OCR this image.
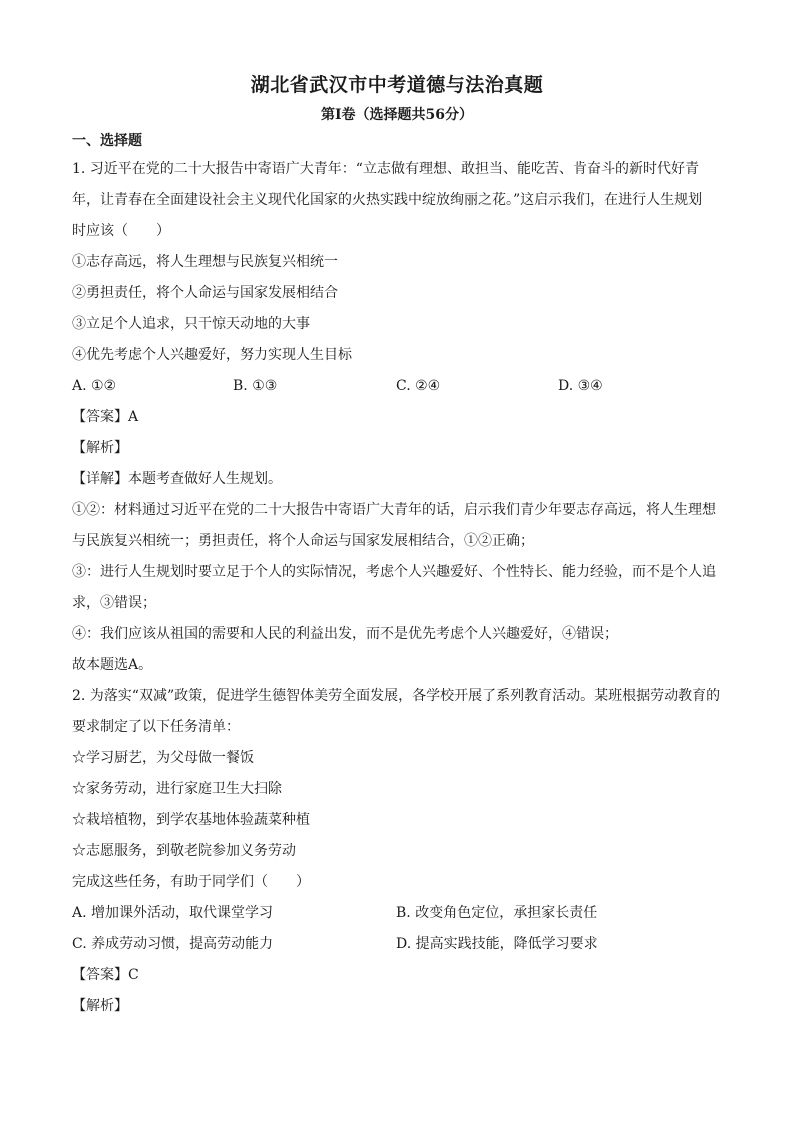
湖北省武汉市中考道德与法治真题
第Ⅰ卷（选择题共56分）
一、选择题
1. 习近平在党的二十大报告中寄语广大青年：“立志做有理想、敢担当、能吃苦、肯奋斗的新时代好青
年，让青春在全面建设社会主义现代化国家的火热实践中绽放绚丽之花。”这启示我们，在进行人生规划
时应该（　　）
①志存高远，将人生理想与民族复兴相统一
②勇担责任，将个人命运与国家发展相结合
③立足个人追求，只干惊天动地的大事
④优先考虑个人兴趣爱好，努力实现人生目标
A. ①②	B. ①③	C. ②④	D. ③④
【答案】A
【解析】
【详解】本题考查做好人生规划。
①②：材料通过习近平在党的二十大报告中寄语广大青年的话，启示我们青少年要志存高远，将人生理想
与民族复兴相统一；勇担责任，将个人命运与国家发展相结合，①②正确；
③：进行人生规划时要立足于个人的实际情况，考虑个人兴趣爱好、个性特长、能力经验，而不是个人追
求，③错误；
④：我们应该从祖国的需要和人民的利益出发，而不是优先考虑个人兴趣爱好，④错误；
故本题选A。
2. 为落实“双减”政策，促进学生德智体美劳全面发展，各学校开展了系列教育活动。某班根据劳动教育的
要求制定了以下任务清单：
☆学习厨艺，为父母做一餐饭
☆家务劳动，进行家庭卫生大扫除
☆栽培植物，到学农基地体验蔬菜种植
☆志愿服务，到敬老院参加义务劳动
完成这些任务，有助于同学们（　　）
A. 增加课外活动，取代课堂学习	B. 改变角色定位，承担家长责任
C. 养成劳动习惯，提高劳动能力	D. 提高实践技能，降低学习要求
【答案】C
【解析】
